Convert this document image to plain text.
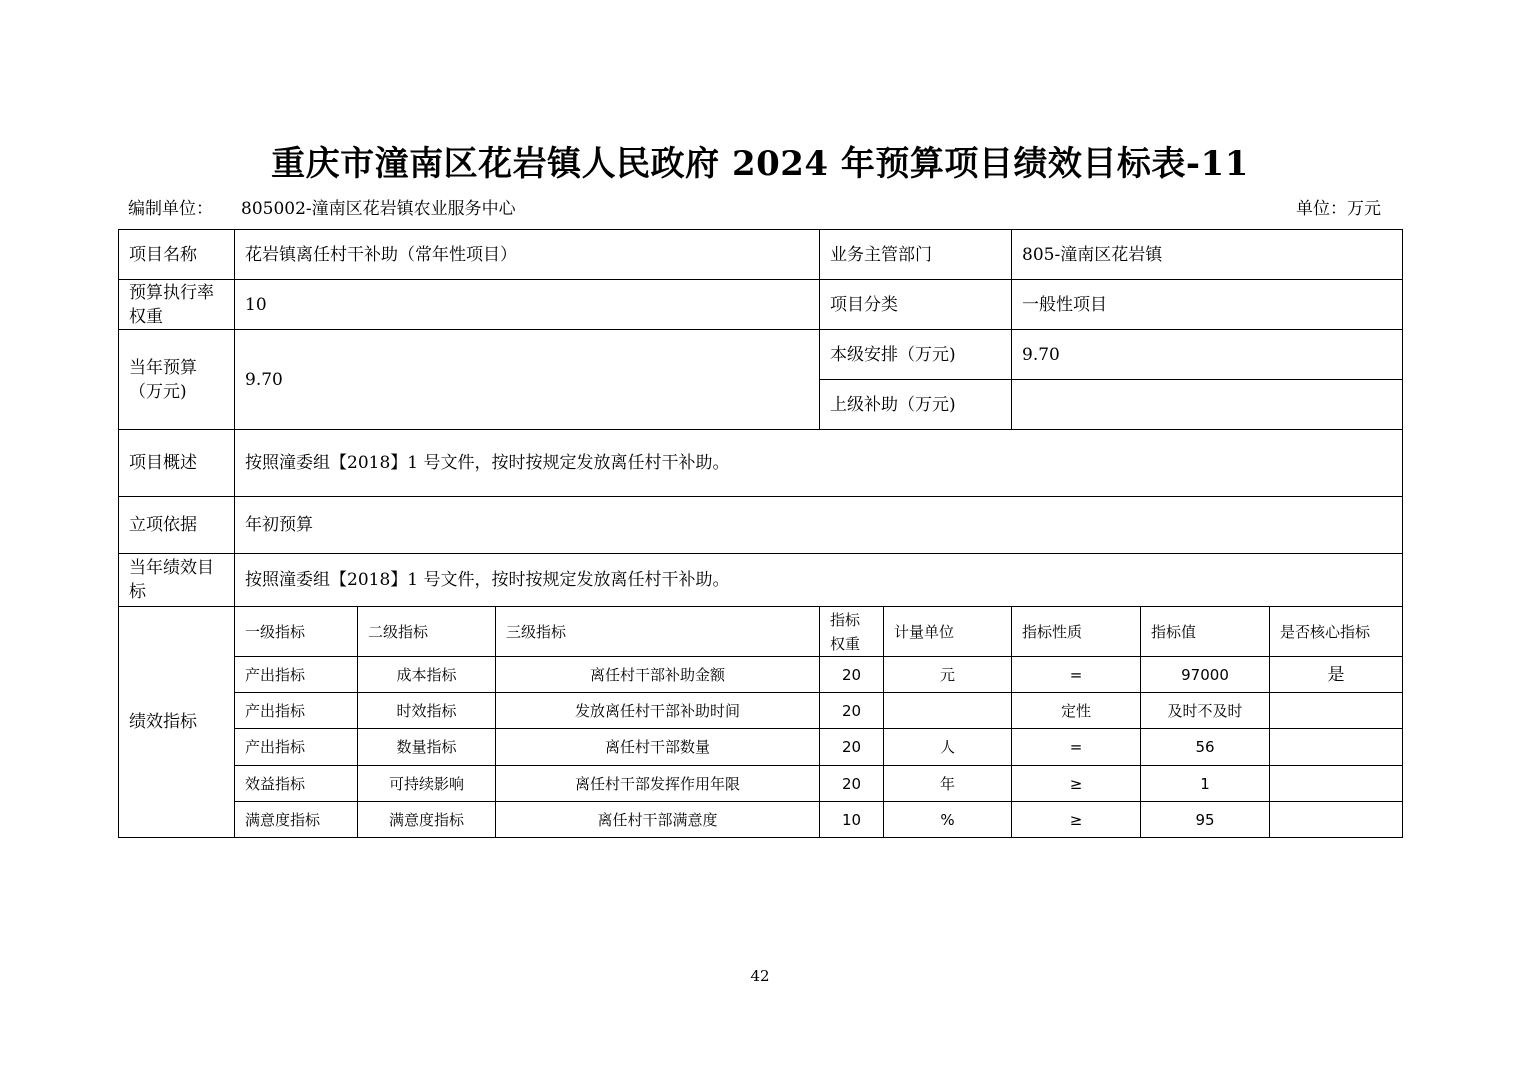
重庆市潼南区花岩镇人民政府 2024 年预算项目绩效目标表-11
编制单位： 805002-潼南区花岩镇农业服务中心	单位：万元
项目名称	花岩镇离任村干补助（常年性项目）			业务主管部门		805-潼南区花岩镇		
预算执行率权重	10			项目分类		一般性项目		
当年预算（万元)	9.70			本级安排（万元)		9.70		
				上级补助（万元)				
项目概述	按照潼委组【2018】1 号文件，按时按规定发放离任村干补助。							
立项依据	年初预算							
当年绩效目标	按照潼委组【2018】1 号文件，按时按规定发放离任村干补助。							
绩效指标	一级指标	二级指标	三级指标	指标权重	计量单位	指标性质	指标值	是否核心指标
	产出指标	成本指标	离任村干部补助金额	20	元	=	97000	是
	产出指标	时效指标	发放离任村干部补助时间	20		定性	及时不及时	
	产出指标	数量指标	离任村干部数量	20	人	=	56	
	效益指标	可持续影响	离任村干部发挥作用年限	20	年	≥	1	
	满意度指标	满意度指标	离任村干部满意度	10	%	≥	95	
42
